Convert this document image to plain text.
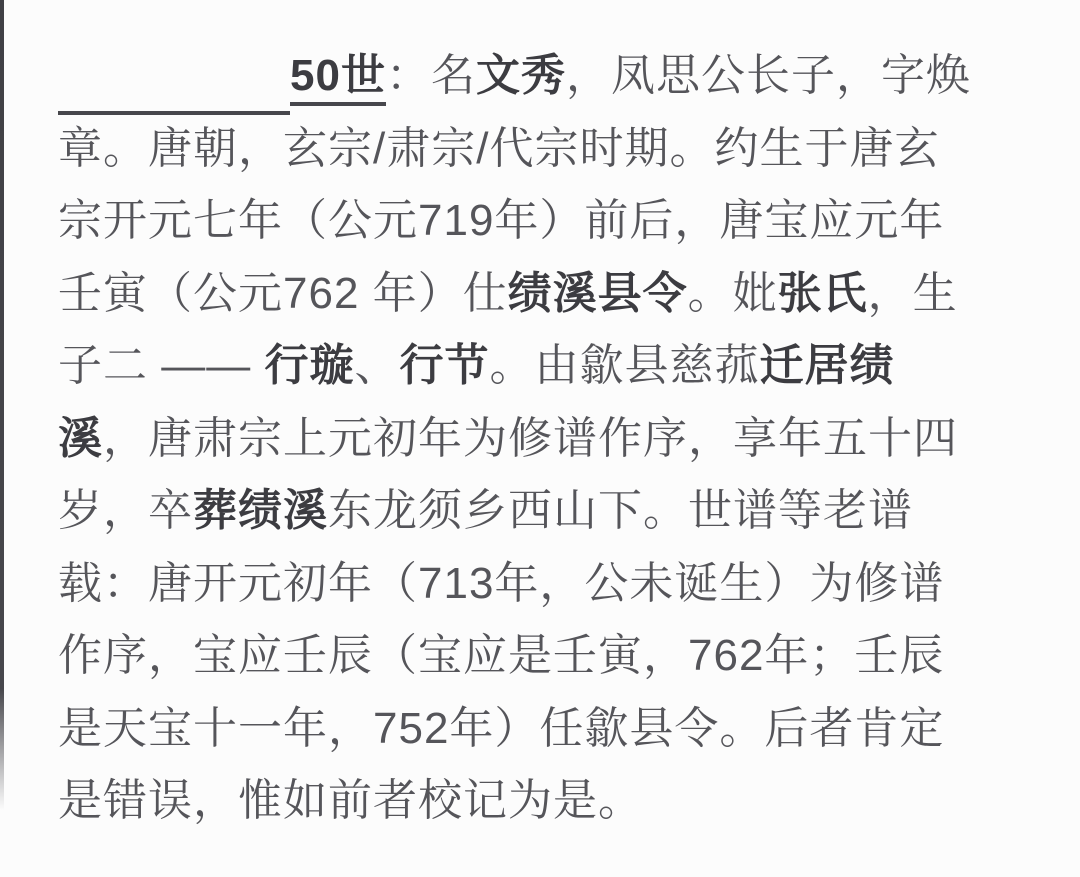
50世：名文秀，凤思公长子，字焕
章。唐朝，玄宗/肃宗/代宗时期。约生于唐玄
宗开元七年（公元719年）前后，唐宝应元年
壬寅（公元762 年）仕绩溪县令。妣张氏，生
子二 —— 行璇、行节。由歙县慈菰迁居绩
溪，唐肃宗上元初年为修谱作序，享年五十四
岁，卒葬绩溪东龙须乡西山下。世谱等老谱
载：唐开元初年（713年，公未诞生）为修谱
作序，宝应壬辰（宝应是壬寅，762年；壬辰
是天宝十一年，752年）任歙县令。后者肯定
是错误，惟如前者校记为是。
